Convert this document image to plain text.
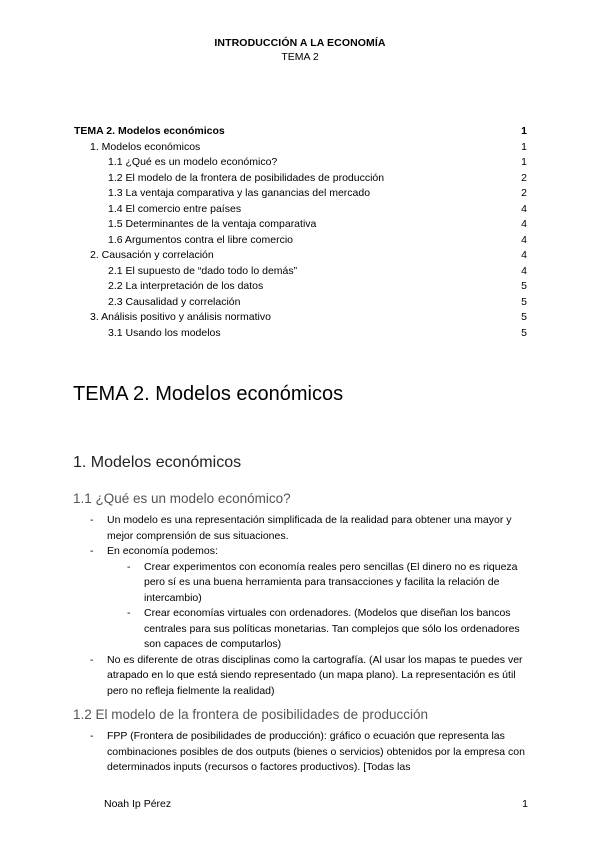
INTRODUCCIÓN A LA ECONOMÍA
TEMA 2
TEMA 2. Modelos económicos	1
1. Modelos económicos	1
1.1 ¿Qué es un modelo económico?	1
1.2 El modelo de la frontera de posibilidades de producción	2
1.3 La ventaja comparativa y las ganancias del mercado	2
1.4 El comercio entre países	4
1.5 Determinantes de la ventaja comparativa	4
1.6 Argumentos contra el libre comercio	4
2. Causación y correlación	4
2.1 El supuesto de “dado todo lo demás”	4
2.2 La interpretación de los datos	5
2.3 Causalidad y correlación	5
3. Análisis positivo y análisis normativo	5
3.1 Usando los modelos	5
TEMA 2. Modelos económicos
1. Modelos económicos
1.1 ¿Qué es un modelo económico?
-	Un modelo es una representación simplificada de la realidad para obtener una mayor y mejor comprensión de sus situaciones.
-	En economía podemos:
-	Crear experimentos con economía reales pero sencillas (El dinero no es riqueza pero sí es una buena herramienta para transacciones y facilita la relación de intercambio)
-	Crear economías virtuales con ordenadores. (Modelos que diseñan los bancos centrales para sus políticas monetarias. Tan complejos que sólo los ordenadores son capaces de computarlos)
-	No es diferente de otras disciplinas como la cartografía. (Al usar los mapas te puedes ver atrapado en lo que está siendo representado (un mapa plano). La representación es útil pero no refleja fielmente la realidad)
1.2 El modelo de la frontera de posibilidades de producción
-	FPP (Frontera de posibilidades de producción): gráfico o ecuación que representa las combinaciones posibles de dos outputs (bienes o servicios) obtenidos por la empresa con determinados inputs (recursos o factores productivos). [Todas las
Noah Ip Pérez	1
